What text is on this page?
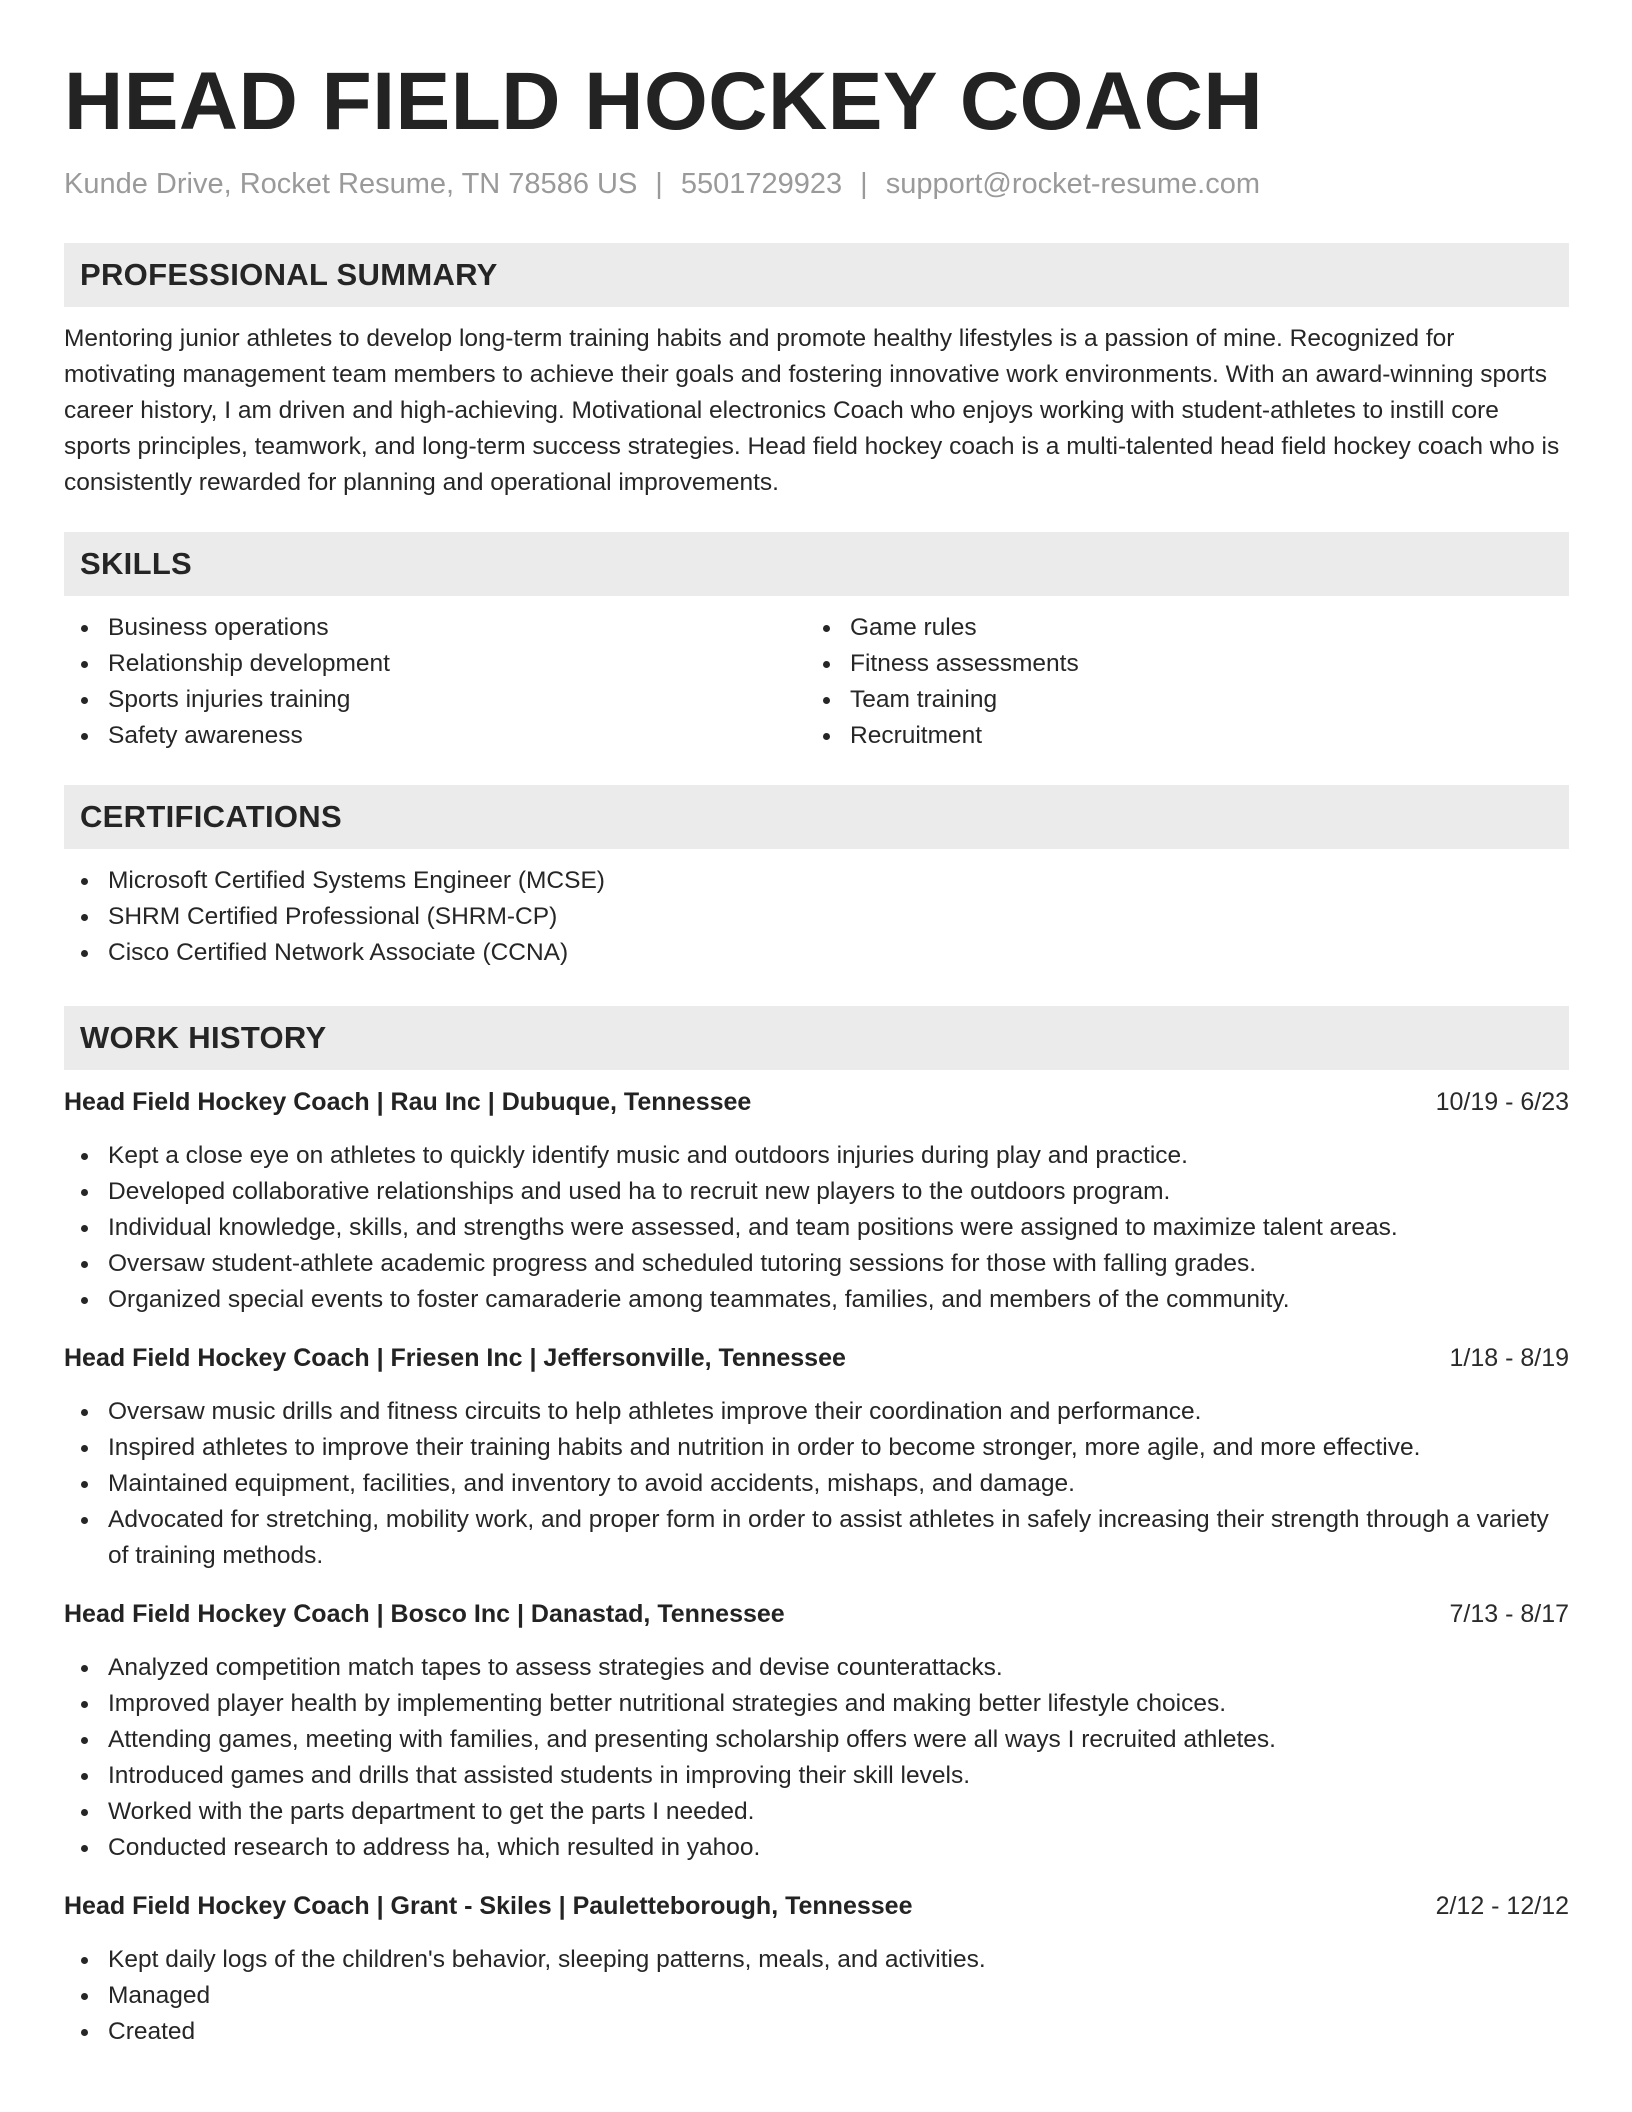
HEAD FIELD HOCKEY COACH
Kunde Drive, Rocket Resume, TN 78586 US | 5501729923 | support@rocket-resume.com
PROFESSIONAL SUMMARY

Mentoring junior athletes to develop long-term training habits and promote healthy lifestyles is a passion of mine. Recognized for motivating management team members to achieve their goals and fostering innovative work environments. With an award-winning sports career history, I am driven and high-achieving. Motivational electronics Coach who enjoys working with student-athletes to instill core sports principles, teamwork, and long-term success strategies. Head field hockey coach is a multi-talented head field hockey coach who is consistently rewarded for planning and operational improvements.

SKILLS
Business operations
Relationship development
Sports injuries training
Safety awareness
Game rules
Fitness assessments
Team training
Recruitment
CERTIFICATIONS
Microsoft Certified Systems Engineer (MCSE)
SHRM Certified Professional (SHRM-CP)
Cisco Certified Network Associate (CCNA)
WORK HISTORY
Head Field Hockey Coach | Rau Inc | Dubuque, Tennessee	10/19 - 6/23
Kept a close eye on athletes to quickly identify music and outdoors injuries during play and practice.
Developed collaborative relationships and used ha to recruit new players to the outdoors program.
Individual knowledge, skills, and strengths were assessed, and team positions were assigned to maximize talent areas.
Oversaw student-athlete academic progress and scheduled tutoring sessions for those with falling grades.
Organized special events to foster camaraderie among teammates, families, and members of the community.
Head Field Hockey Coach | Friesen Inc | Jeffersonville, Tennessee	1/18 - 8/19
Oversaw music drills and fitness circuits to help athletes improve their coordination and performance.
Inspired athletes to improve their training habits and nutrition in order to become stronger, more agile, and more effective.
Maintained equipment, facilities, and inventory to avoid accidents, mishaps, and damage.
Advocated for stretching, mobility work, and proper form in order to assist athletes in safely increasing their strength through a variety of training methods.
Head Field Hockey Coach | Bosco Inc | Danastad, Tennessee	7/13 - 8/17
Analyzed competition match tapes to assess strategies and devise counterattacks.
Improved player health by implementing better nutritional strategies and making better lifestyle choices.
Attending games, meeting with families, and presenting scholarship offers were all ways I recruited athletes.
Introduced games and drills that assisted students in improving their skill levels.
Worked with the parts department to get the parts I needed.
Conducted research to address ha, which resulted in yahoo.
Head Field Hockey Coach | Grant - Skiles | Pauletteborough, Tennessee	2/12 - 12/12
Kept daily logs of the children's behavior, sleeping patterns, meals, and activities.
Managed
Created
